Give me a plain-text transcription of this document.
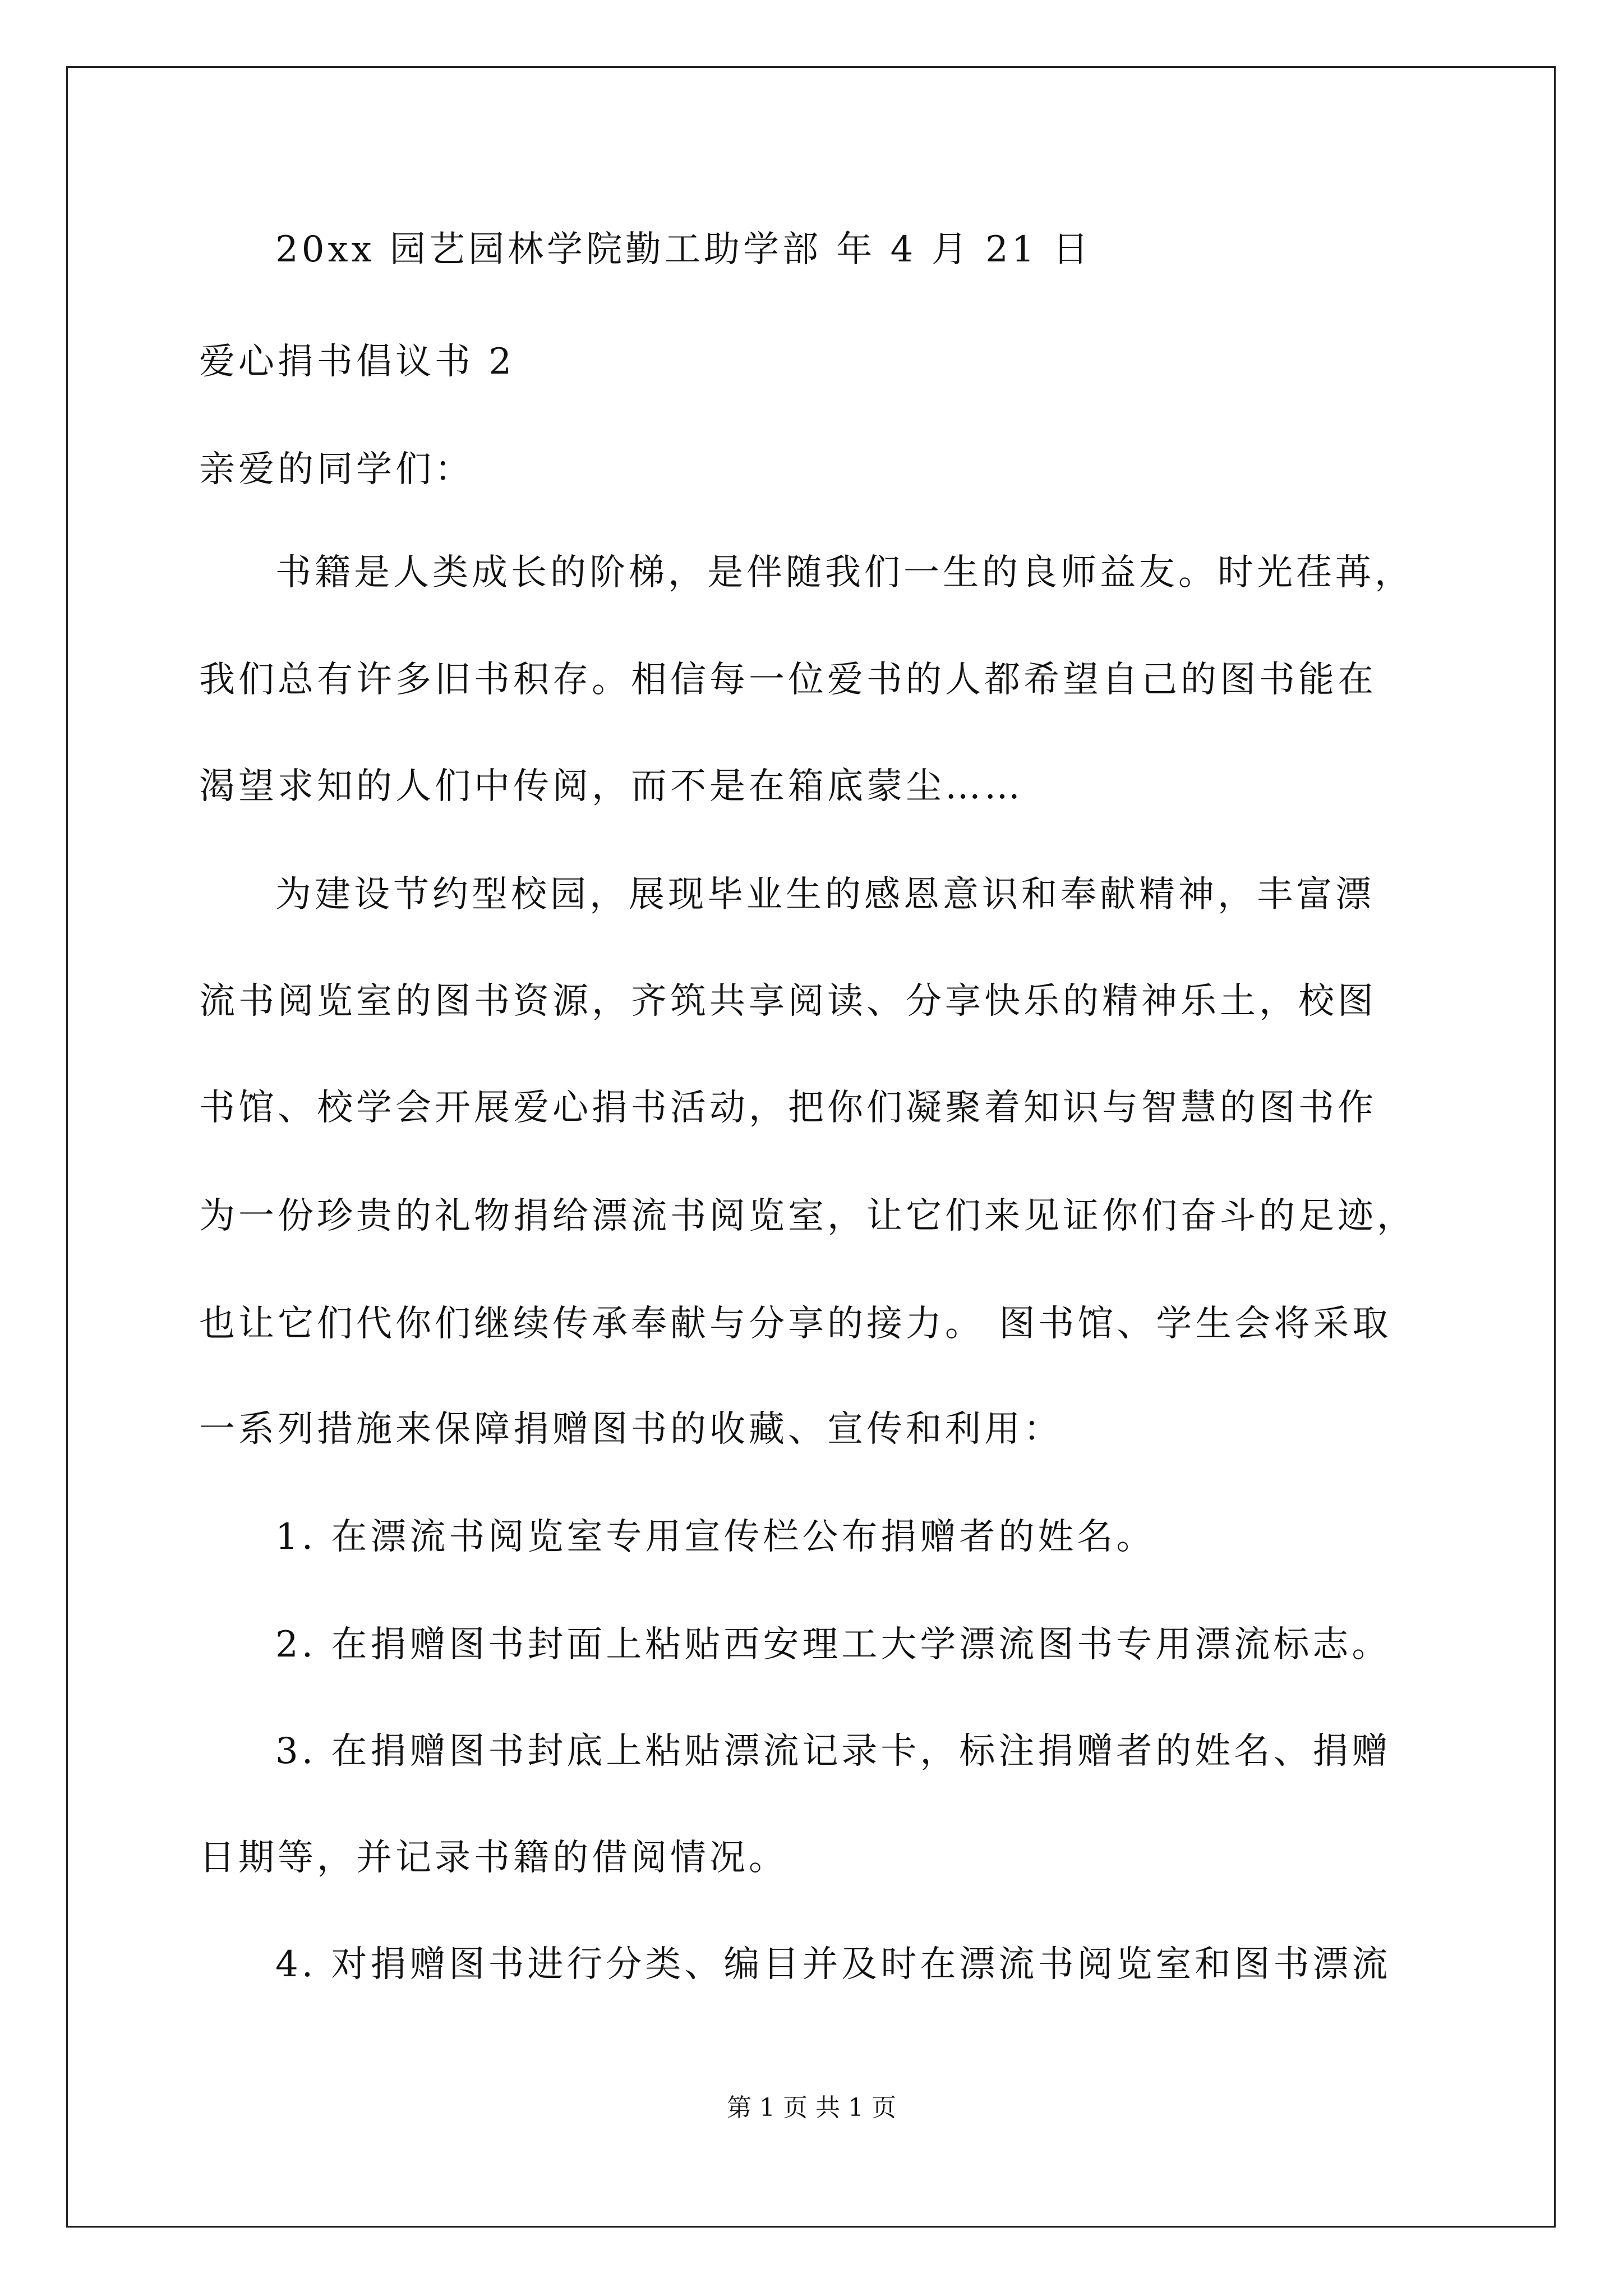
20xx 园艺园林学院勤工助学部 年 4 月 21 日
爱心捐书倡议书 2
亲爱的同学们：
书籍是人类成长的阶梯，是伴随我们一生的良师益友。时光荏苒，
我们总有许多旧书积存。相信每一位爱书的人都希望自己的图书能在
渴望求知的人们中传阅，而不是在箱底蒙尘……
为建设节约型校园，展现毕业生的感恩意识和奉献精神，丰富漂
流书阅览室的图书资源，齐筑共享阅读、分享快乐的精神乐土，校图
书馆、校学会开展爱心捐书活动，把你们凝聚着知识与智慧的图书作
为一份珍贵的礼物捐给漂流书阅览室，让它们来见证你们奋斗的足迹，
也让它们代你们继续传承奉献与分享的接力。 图书馆、学生会将采取
一系列措施来保障捐赠图书的收藏、宣传和利用：
1. 在漂流书阅览室专用宣传栏公布捐赠者的姓名。
2. 在捐赠图书封面上粘贴西安理工大学漂流图书专用漂流标志。
3. 在捐赠图书封底上粘贴漂流记录卡，标注捐赠者的姓名、捐赠
日期等，并记录书籍的借阅情况。
4. 对捐赠图书进行分类、编目并及时在漂流书阅览室和图书漂流
第 1 页 共 1 页
